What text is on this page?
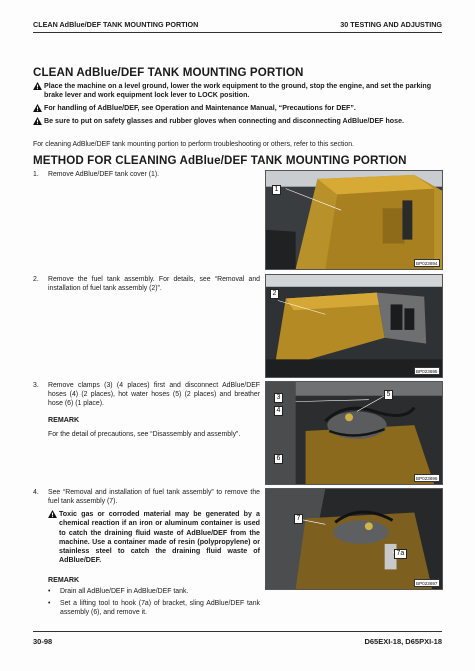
CLEAN AdBlue/DEF TANK MOUNTING PORTION	30 TESTING AND ADJUSTING
CLEAN AdBlue/DEF TANK MOUNTING PORTION
Place the machine on a level ground, lower the work equipment to the ground, stop the engine, and set the parking brake lever and work equipment lock lever to LOCK position.
For handling of AdBlue/DEF, see Operation and Maintenance Manual, “Precautions for DEF”.
Be sure to put on safety glasses and rubber gloves when connecting and disconnecting AdBlue/DEF hose.
For cleaning AdBlue/DEF tank mounting portion to perform troubleshooting or others, refer to this section.
METHOD FOR CLEANING AdBlue/DEF TANK MOUNTING PORTION
1.	Remove AdBlue/DEF tank cover (1).
2.	Remove the fuel tank assembly. For details, see “Removal and installation of fuel tank assembly (2)”.
3.	Remove clamps (3) (4 places) first and disconnect AdBlue/DEF hoses (4) (2 places), hot water hoses (5) (2 places) and breather hose (6) (1 place).
REMARK
For the detail of precautions, see “Disassembly and assembly”.
4.	See “Removal and installation of fuel tank assembly” to remove the fuel tank assembly (7).
Toxic gas or corroded material may be generated by a chemical reaction if an iron or aluminum container is used to catch the draining fluid waste of AdBlue/DEF from the machine. Use a container made of resin (polypropylene) or stainless steel to catch the draining fluid waste of AdBlue/DEF.
REMARK
•	Drain all AdBlue/DEF in AdBlue/DEF tank.
•	Set a lifting tool to hook (7a) of bracket, sling AdBlue/DEF tank assembly (6), and remove it.
1
BP023694
2
BP023695
3
4
5
6
BP023696
7
7a
BP023697
30-98	D65EXI-18, D65PXI-18
